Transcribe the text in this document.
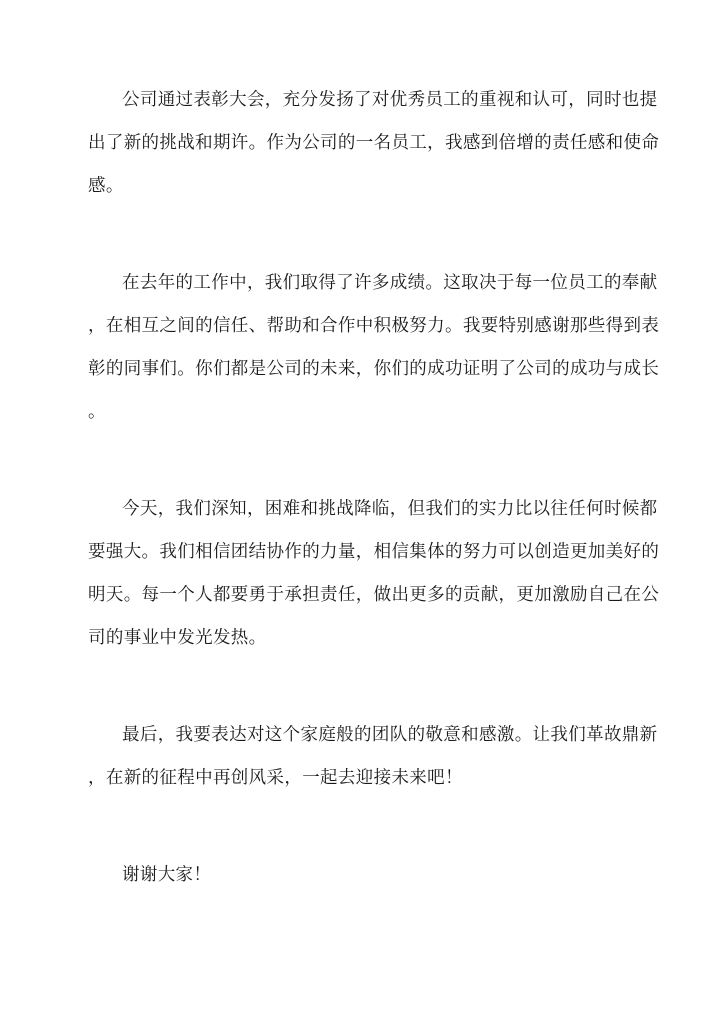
公司通过表彰大会，充分发扬了对优秀员工的重视和认可，同时也提
出了新的挑战和期许。作为公司的一名员工，我感到倍增的责任感和使命
感。
在去年的工作中，我们取得了许多成绩。这取决于每一位员工的奉献
，在相互之间的信任、帮助和合作中积极努力。我要特别感谢那些得到表
彰的同事们。你们都是公司的未来，你们的成功证明了公司的成功与成长
。
今天，我们深知，困难和挑战降临，但我们的实力比以往任何时候都
要强大。我们相信团结协作的力量，相信集体的努力可以创造更加美好的
明天。每一个人都要勇于承担责任，做出更多的贡献，更加激励自己在公
司的事业中发光发热。
最后，我要表达对这个家庭般的团队的敬意和感激。让我们革故鼎新
，在新的征程中再创风采，一起去迎接未来吧！
谢谢大家！
